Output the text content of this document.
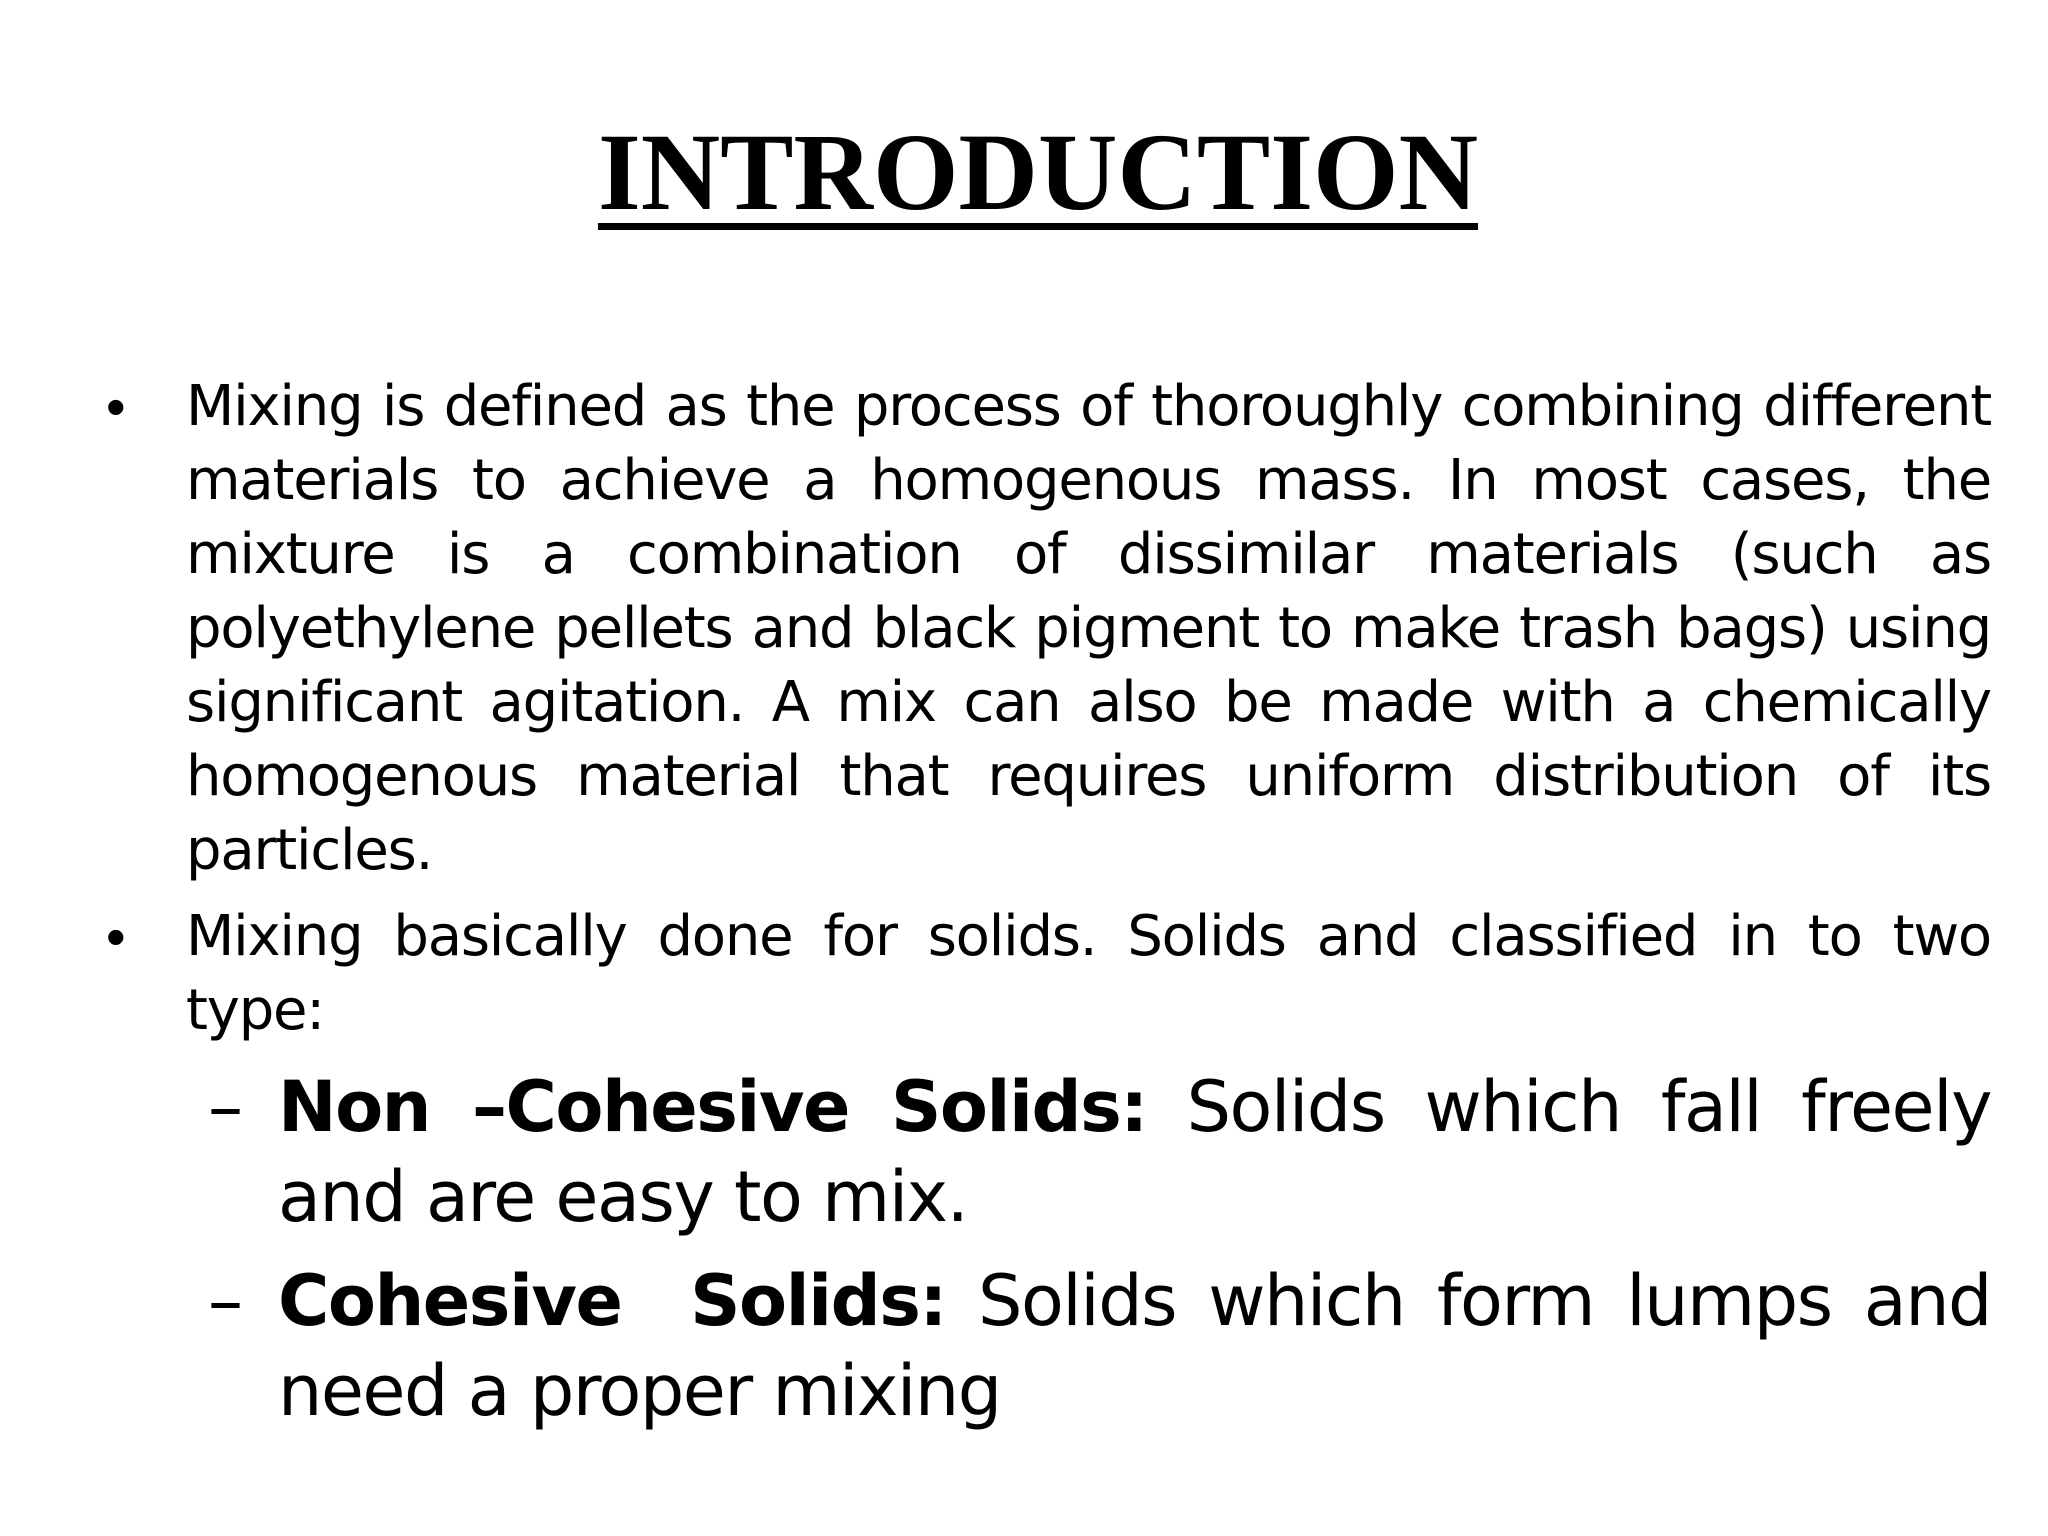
INTRODUCTION
• Mixing is defined as the process of thoroughly combining different materials to achieve a homogenous mass. In most cases, the mixture is a combination of dissimilar materials (such as polyethylene pellets and black pigment to make trash bags) using significant agitation. A mix can also be made with a chemically homogenous material that requires uniform distribution of its particles.
• Mixing basically done for solids. Solids and classified in to two type:
– Non –Cohesive Solids: Solids which fall freely and are easy to mix.
– Cohesive  Solids: Solids which form lumps and need a proper mixing
